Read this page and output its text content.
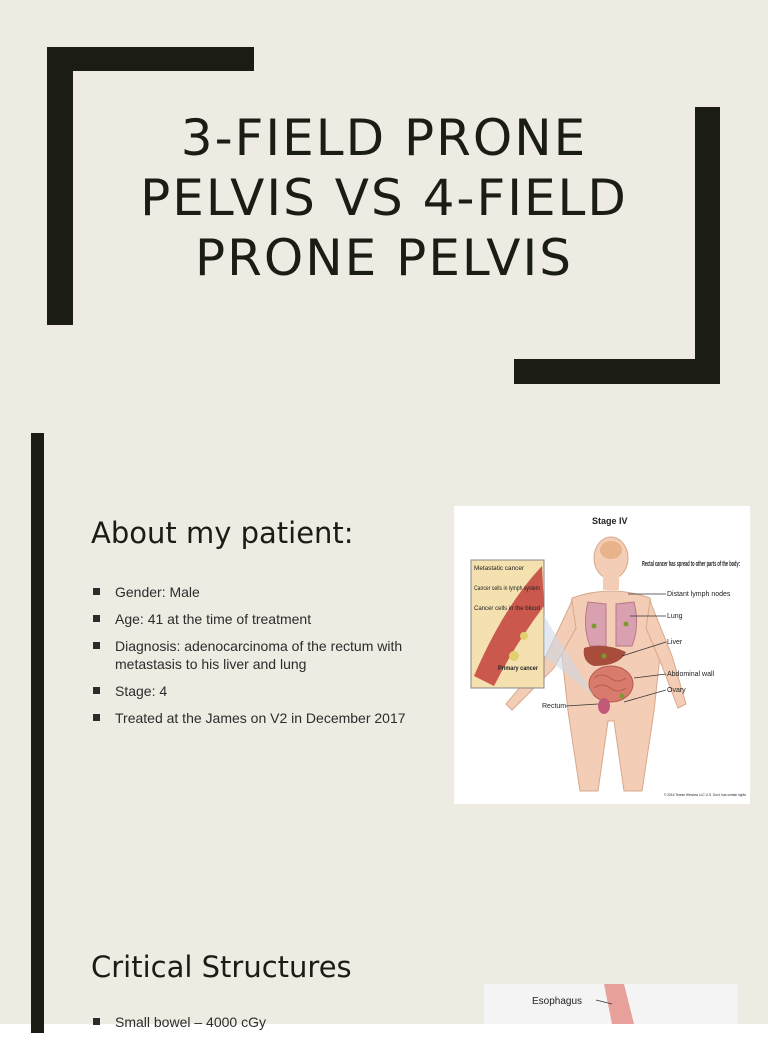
3-FIELD PRONE
PELVIS VS 4-FIELD
PRONE PELVIS
About my patient:
Gender: Male
Age: 41 at the time of treatment
Diagnosis: adenocarcinoma of the rectum with metastasis to his liver and lung
Stage: 4
Treated at the James on V2 in December 2017
Stage IV
Rectal cancer has spread to other parts of the body:
Distant lymph nodes
Lung
Liver
Abdominal wall
Ovary
Rectum
Metastatic cancer
Cancer cells in lymph system
Cancer cells in the blood
Primary cancer
© 2016 Terese Winslow LLC U.S. Govt. has certain rights
Critical Structures
Small bowel – 4000 cGy
Esophagus
